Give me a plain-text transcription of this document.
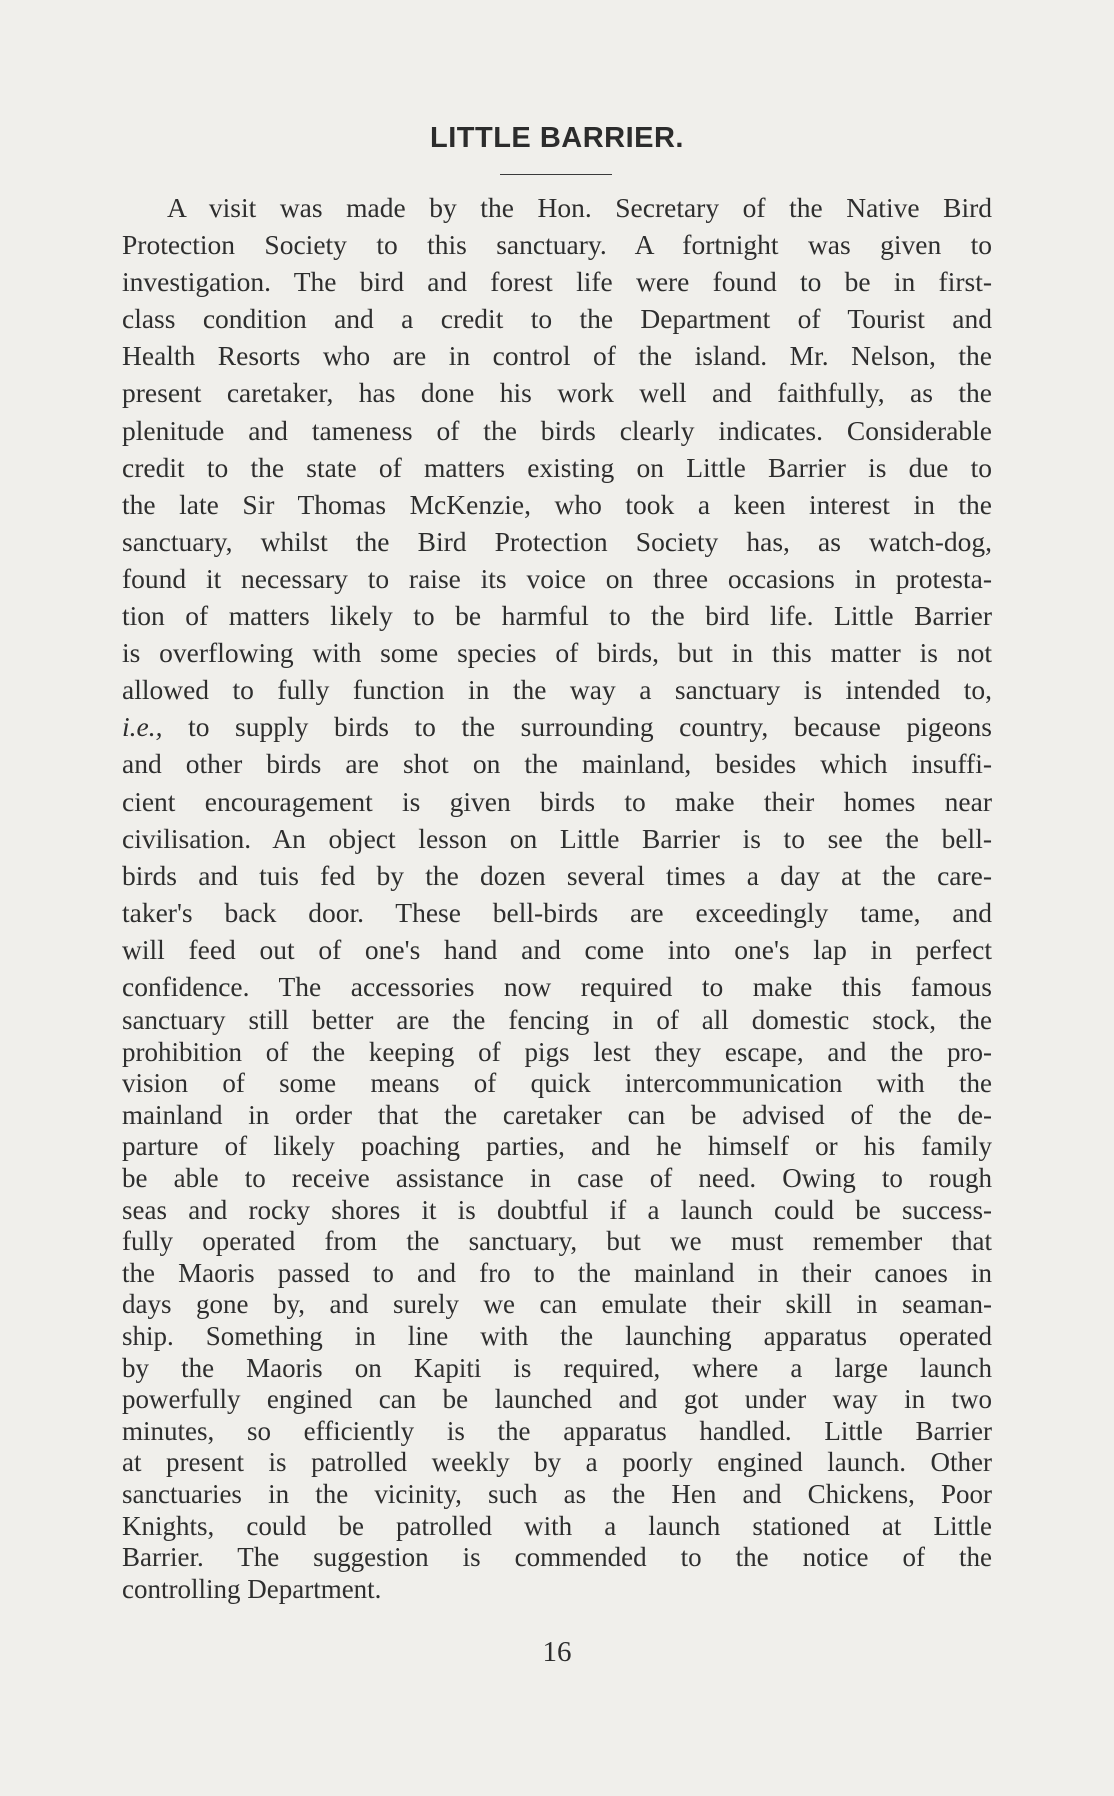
LITTLE BARRIER.
A visit was made by the Hon. Secretary of the Native Bird
Protection Society to this sanctuary. A fortnight was given to
investigation. The bird and forest life were found to be in first-
class condition and a credit to the Department of Tourist and
Health Resorts who are in control of the island. Mr. Nelson, the
present caretaker, has done his work well and faithfully, as the
plenitude and tameness of the birds clearly indicates. Considerable
credit to the state of matters existing on Little Barrier is due to
the late Sir Thomas McKenzie, who took a keen interest in the
sanctuary, whilst the Bird Protection Society has, as watch-dog,
found it necessary to raise its voice on three occasions in protesta-
tion of matters likely to be harmful to the bird life. Little Barrier
is overflowing with some species of birds, but in this matter is not
allowed to fully function in the way a sanctuary is intended to,
i.e., to supply birds to the surrounding country, because pigeons
and other birds are shot on the mainland, besides which insuffi-
cient encouragement is given birds to make their homes near
civilisation. An object lesson on Little Barrier is to see the bell-
birds and tuis fed by the dozen several times a day at the care-
taker's back door. These bell-birds are exceedingly tame, and
will feed out of one's hand and come into one's lap in perfect
confidence. The accessories now required to make this famous
sanctuary still better are the fencing in of all domestic stock, the
prohibition of the keeping of pigs lest they escape, and the pro-
vision of some means of quick intercommunication with the
mainland in order that the caretaker can be advised of the de-
parture of likely poaching parties, and he himself or his family
be able to receive assistance in case of need. Owing to rough
seas and rocky shores it is doubtful if a launch could be success-
fully operated from the sanctuary, but we must remember that
the Maoris passed to and fro to the mainland in their canoes in
days gone by, and surely we can emulate their skill in seaman-
ship. Something in line with the launching apparatus operated
by the Maoris on Kapiti is required, where a large launch
powerfully engined can be launched and got under way in two
minutes, so efficiently is the apparatus handled. Little Barrier
at present is patrolled weekly by a poorly engined launch. Other
sanctuaries in the vicinity, such as the Hen and Chickens, Poor
Knights, could be patrolled with a launch stationed at Little
Barrier. The suggestion is commended to the notice of the
controlling Department.
16
